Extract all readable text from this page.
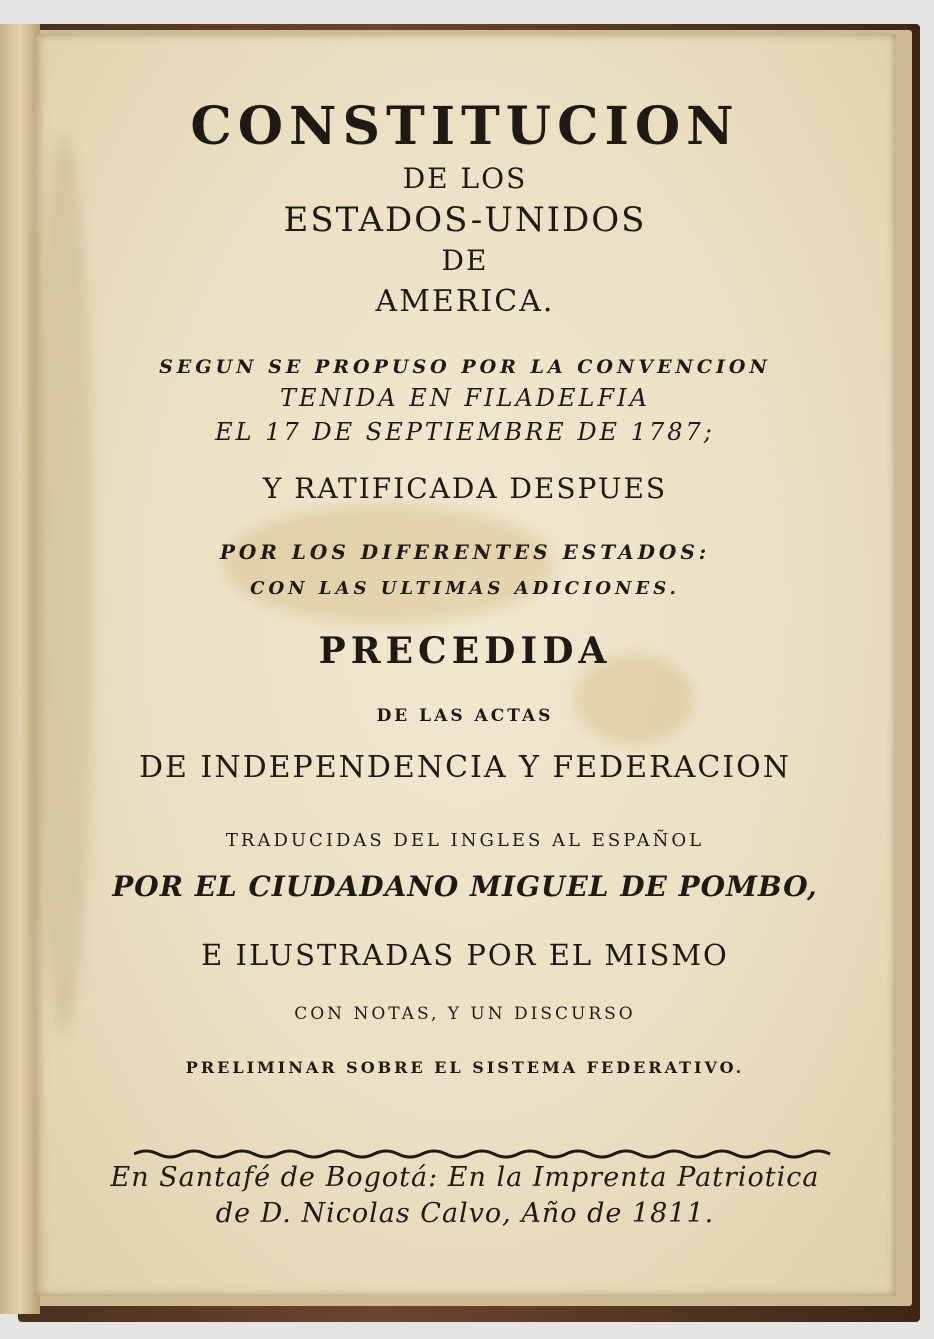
CONSTITUCION

DE LOS

ESTADOS-UNIDOS

DE

AMERICA.

SEGUN SE PROPUSO POR LA CONVENCION

TENIDA EN FILADELFIA

EL 17 DE SEPTIEMBRE DE 1787;

Y RATIFICADA DESPUES

POR LOS DIFERENTES ESTADOS:

CON LAS ULTIMAS ADICIONES.

PRECEDIDA

DE LAS ACTAS

DE INDEPENDENCIA Y FEDERACION

TRADUCIDAS DEL INGLES AL ESPAÑOL

POR EL CIUDADANO MIGUEL DE POMBO,

E ILUSTRADAS POR EL MISMO

CON NOTAS, Y UN DISCURSO

PRELIMINAR SOBRE EL SISTEMA FEDERATIVO.

En Santafé de Bogotá: En la Imprenta Patriotica

de D. Nicolas Calvo, Año de 1811.
